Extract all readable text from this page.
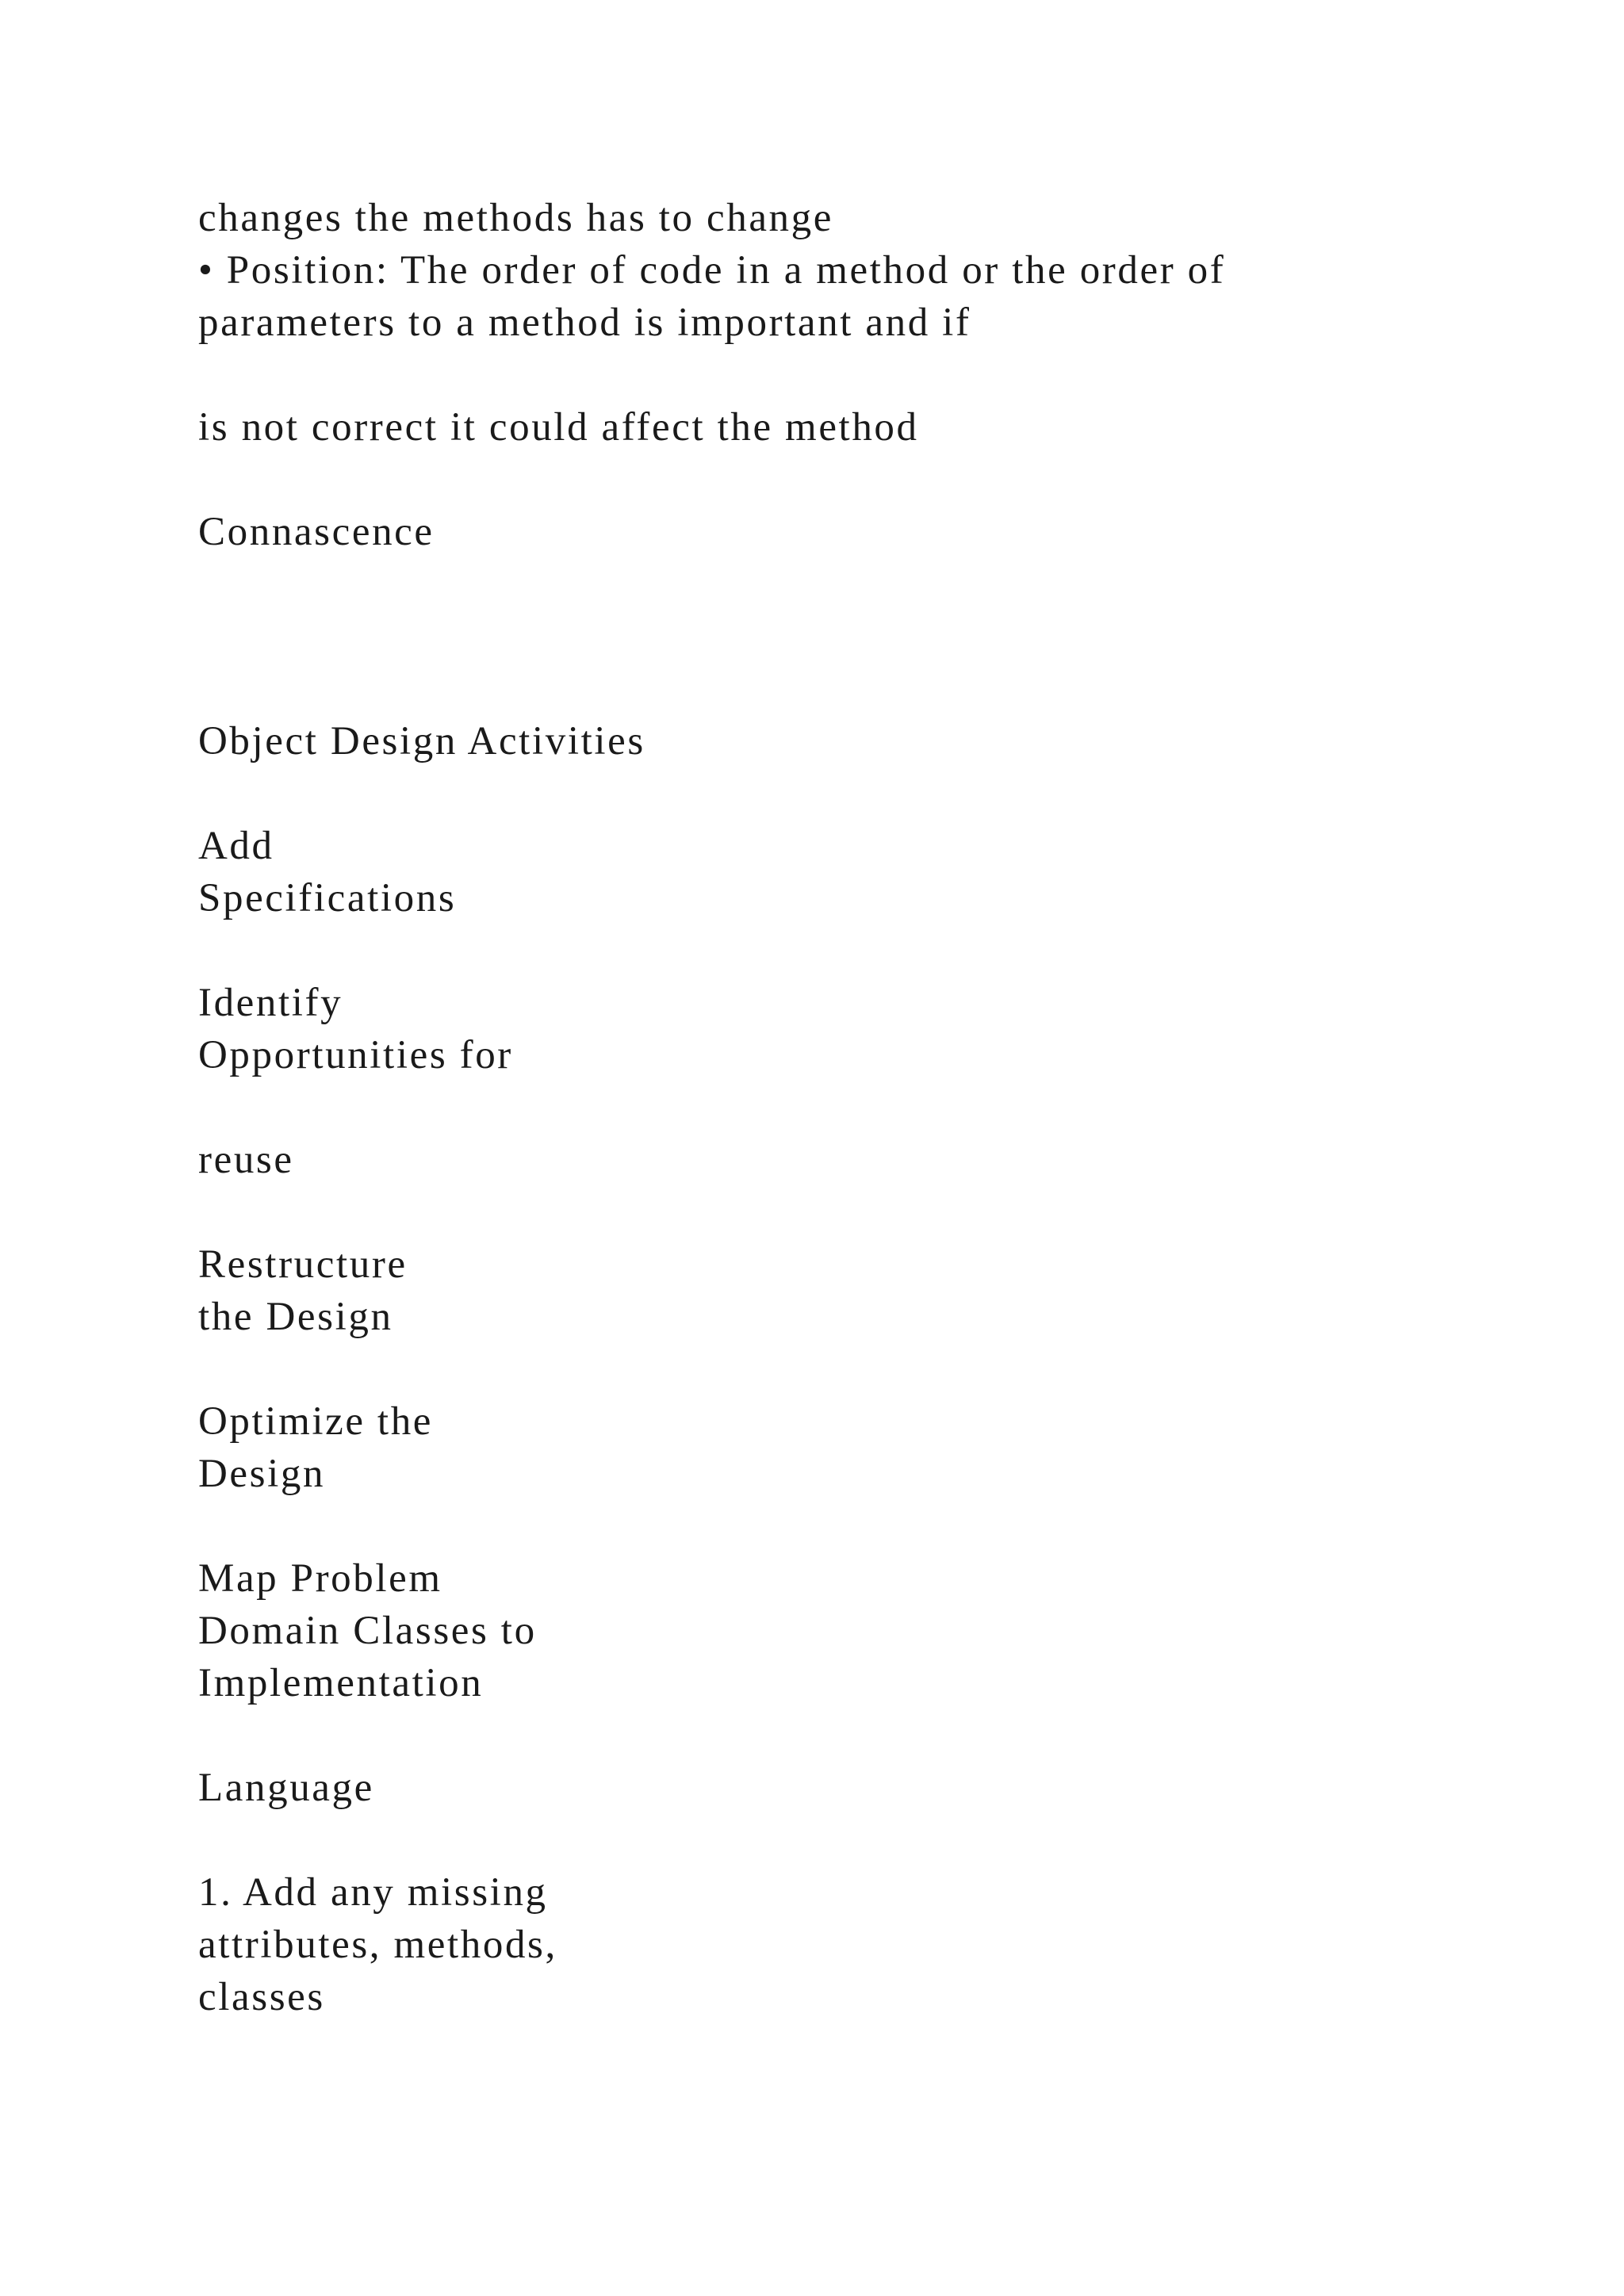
changes the methods has to change
• Position: The order of code in a method or the order of
parameters to a method is important and if
is not correct it could affect the method
Connascence
Object Design Activities
Add
Specifications
Identify
Opportunities for
reuse
Restructure
the Design
Optimize the
Design
Map Problem
Domain Classes to
Implementation
Language
1. Add any missing
attributes, methods,
classes
